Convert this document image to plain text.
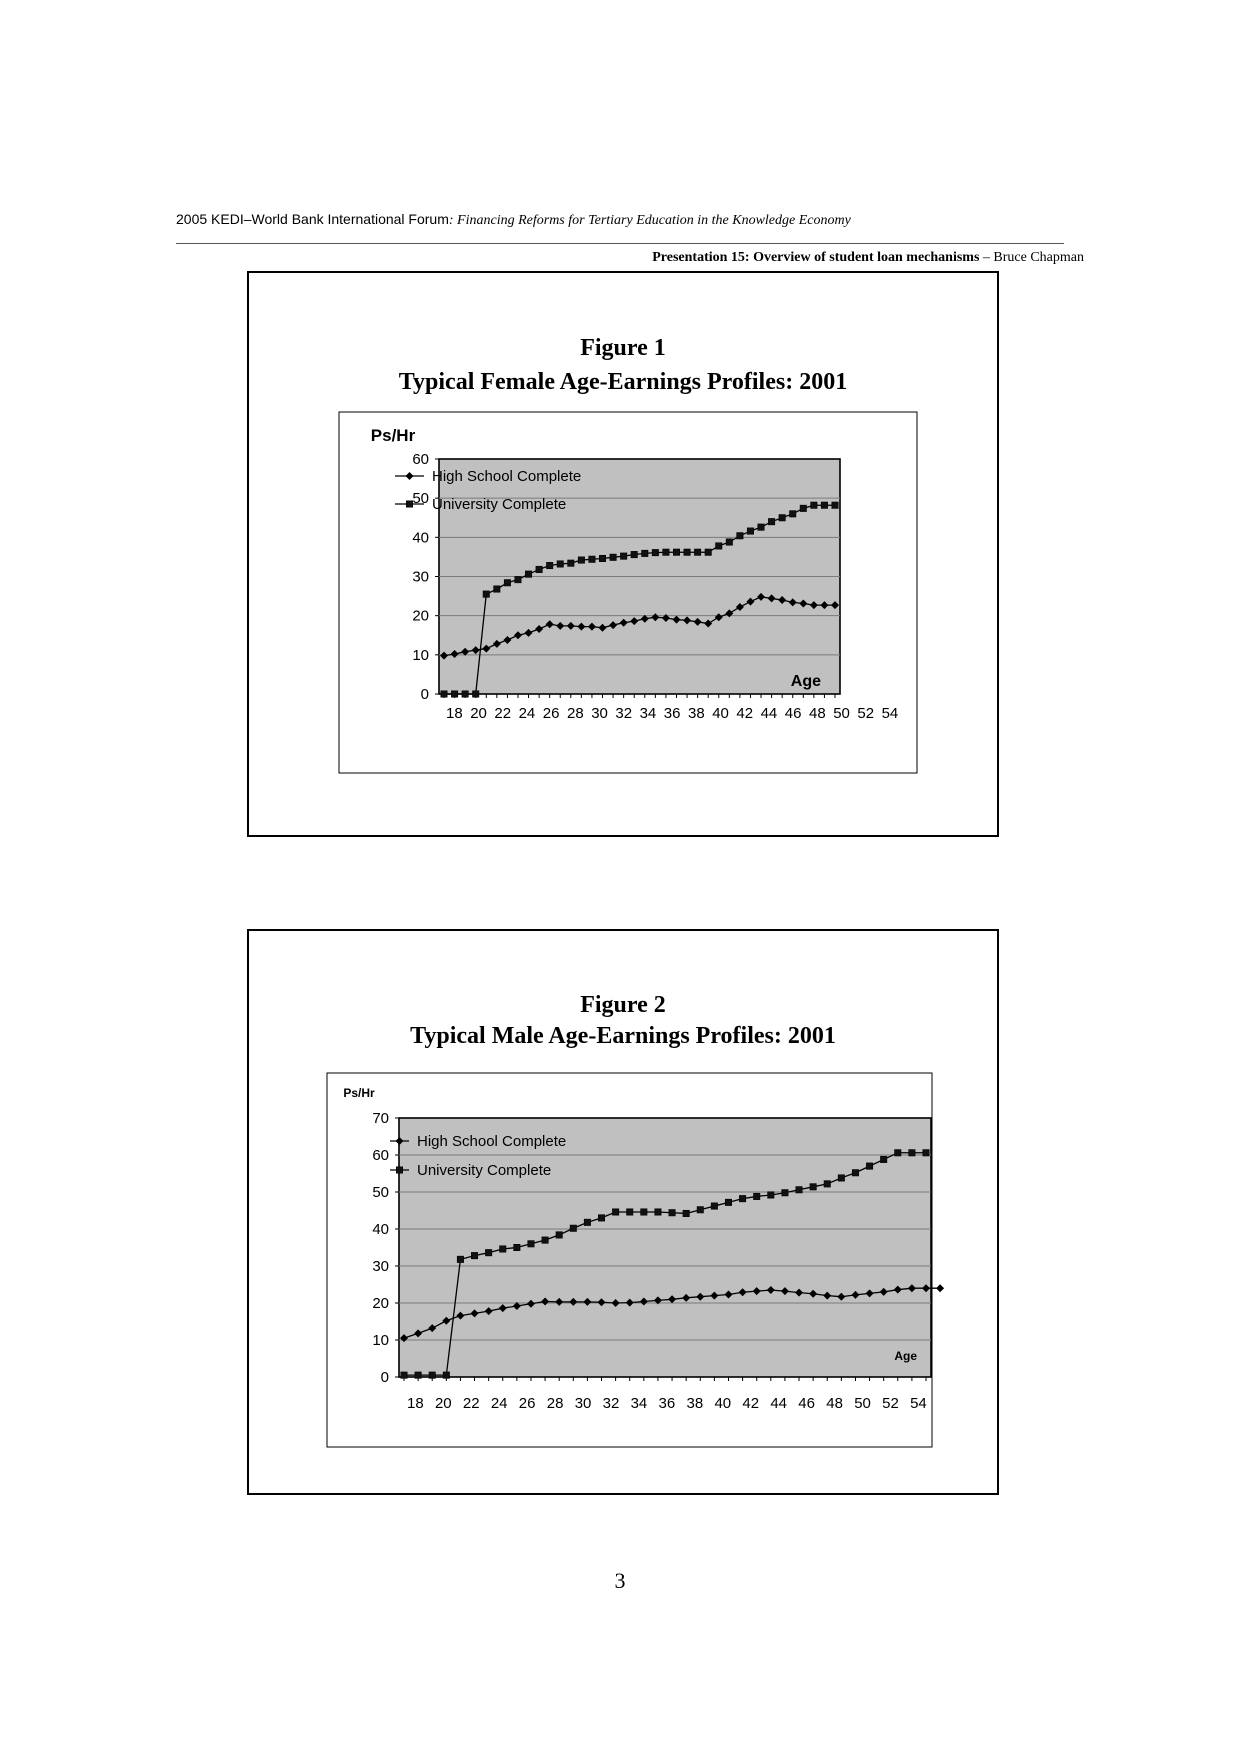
2005 KEDI–World Bank International Forum: Financing Reforms for Tertiary Education in the Knowledge Economy
Presentation 15: Overview of student loan mechanisms – Bruce Chapman
Figure 1
Typical Female Age-Earnings Profiles: 2001
0
10
20
30
40
50
60
18 20 22 24 26 28 30 32 34 36 38 40 42 44 46 48 50 52 54
Ps/Hr
Age
High School Complete
University Complete
Figure 2
Typical Male Age-Earnings Profiles: 2001
0
10
20
30
40
50
60
70
18 20 22 24 26 28 30 32 34 36 38 40 42 44 46 48 50 52 54
Ps/Hr
Age
High School Complete
University Complete
3
